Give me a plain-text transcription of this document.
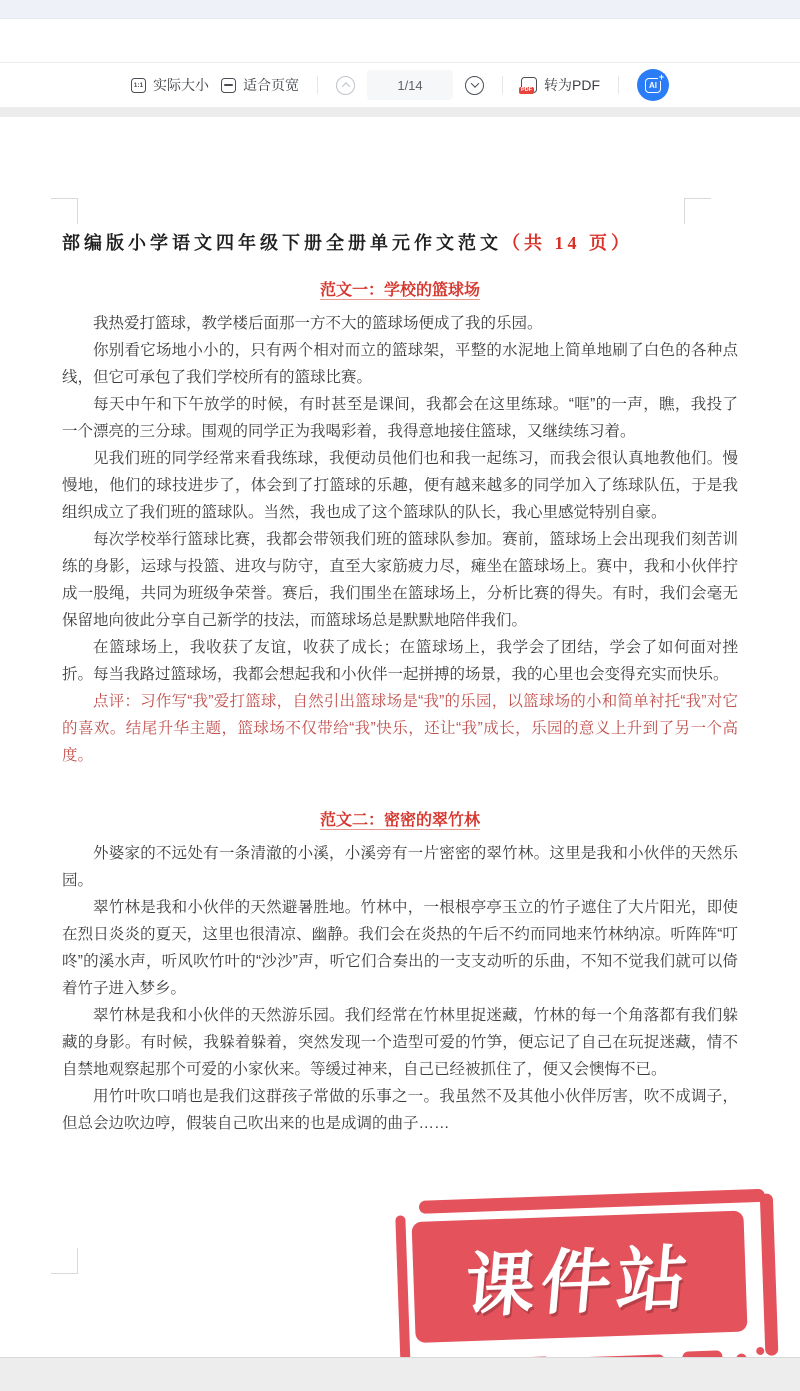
1:1 实际大小 适合页宽	1/14	PDF 转为PDF	AI
+
部编版小学语文四年级下册全册单元作文范文（共 14 页）
范文一：学校的篮球场

我热爱打篮球，教学楼后面那一方不大的篮球场便成了我的乐园。

你别看它场地小小的，只有两个相对而立的篮球架，平整的水泥地上简单地刷了白色的各种点线，但它可承包了我们学校所有的篮球比赛。

每天中午和下午放学的时候，有时甚至是课间，我都会在这里练球。“哐”的一声，瞧，我投了一个漂亮的三分球。围观的同学正为我喝彩着，我得意地接住篮球，又继续练习着。

见我们班的同学经常来看我练球，我便动员他们也和我一起练习，而我会很认真地教他们。慢慢地，他们的球技进步了，体会到了打篮球的乐趣，便有越来越多的同学加入了练球队伍，于是我组织成立了我们班的篮球队。当然，我也成了这个篮球队的队长，我心里感觉特别自豪。

每次学校举行篮球比赛，我都会带领我们班的篮球队参加。赛前，篮球场上会出现我们刻苦训练的身影，运球与投篮、进攻与防守，直至大家筋疲力尽，瘫坐在篮球场上。赛中，我和小伙伴拧成一股绳，共同为班级争荣誉。赛后，我们围坐在篮球场上，分析比赛的得失。有时，我们会毫无保留地向彼此分享自己新学的技法，而篮球场总是默默地陪伴我们。

在篮球场上，我收获了友谊，收获了成长；在篮球场上，我学会了团结，学会了如何面对挫折。每当我路过篮球场，我都会想起我和小伙伴一起拼搏的场景，我的心里也会变得充实而快乐。

点评：习作写“我”爱打篮球，自然引出篮球场是“我”的乐园，以篮球场的小和简单衬托“我”对它的喜欢。结尾升华主题，篮球场不仅带给“我”快乐，还让“我”成长，乐园的意义上升到了另一个高度。

范文二：密密的翠竹林

外婆家的不远处有一条清澈的小溪，小溪旁有一片密密的翠竹林。这里是我和小伙伴的天然乐园。

翠竹林是我和小伙伴的天然避暑胜地。竹林中，一根根亭亭玉立的竹子遮住了大片阳光，即使在烈日炎炎的夏天，这里也很清凉、幽静。我们会在炎热的午后不约而同地来竹林纳凉。听阵阵“叮咚”的溪水声，听风吹竹叶的“沙沙”声，听它们合奏出的一支支动听的乐曲，不知不觉我们就可以倚着竹子进入梦乡。

翠竹林是我和小伙伴的天然游乐园。我们经常在竹林里捉迷藏，竹林的每一个角落都有我们躲藏的身影。有时候，我躲着躲着，突然发现一个造型可爱的竹笋，便忘记了自己在玩捉迷藏，情不自禁地观察起那个可爱的小家伙来。等缓过神来，自己已经被抓住了，便又会懊悔不已。

用竹叶吹口哨也是我们这群孩子常做的乐事之一。我虽然不及其他小伙伴厉害，吹不成调子，但总会边吹边哼，假装自己吹出来的也是成调的曲子……

课件站
